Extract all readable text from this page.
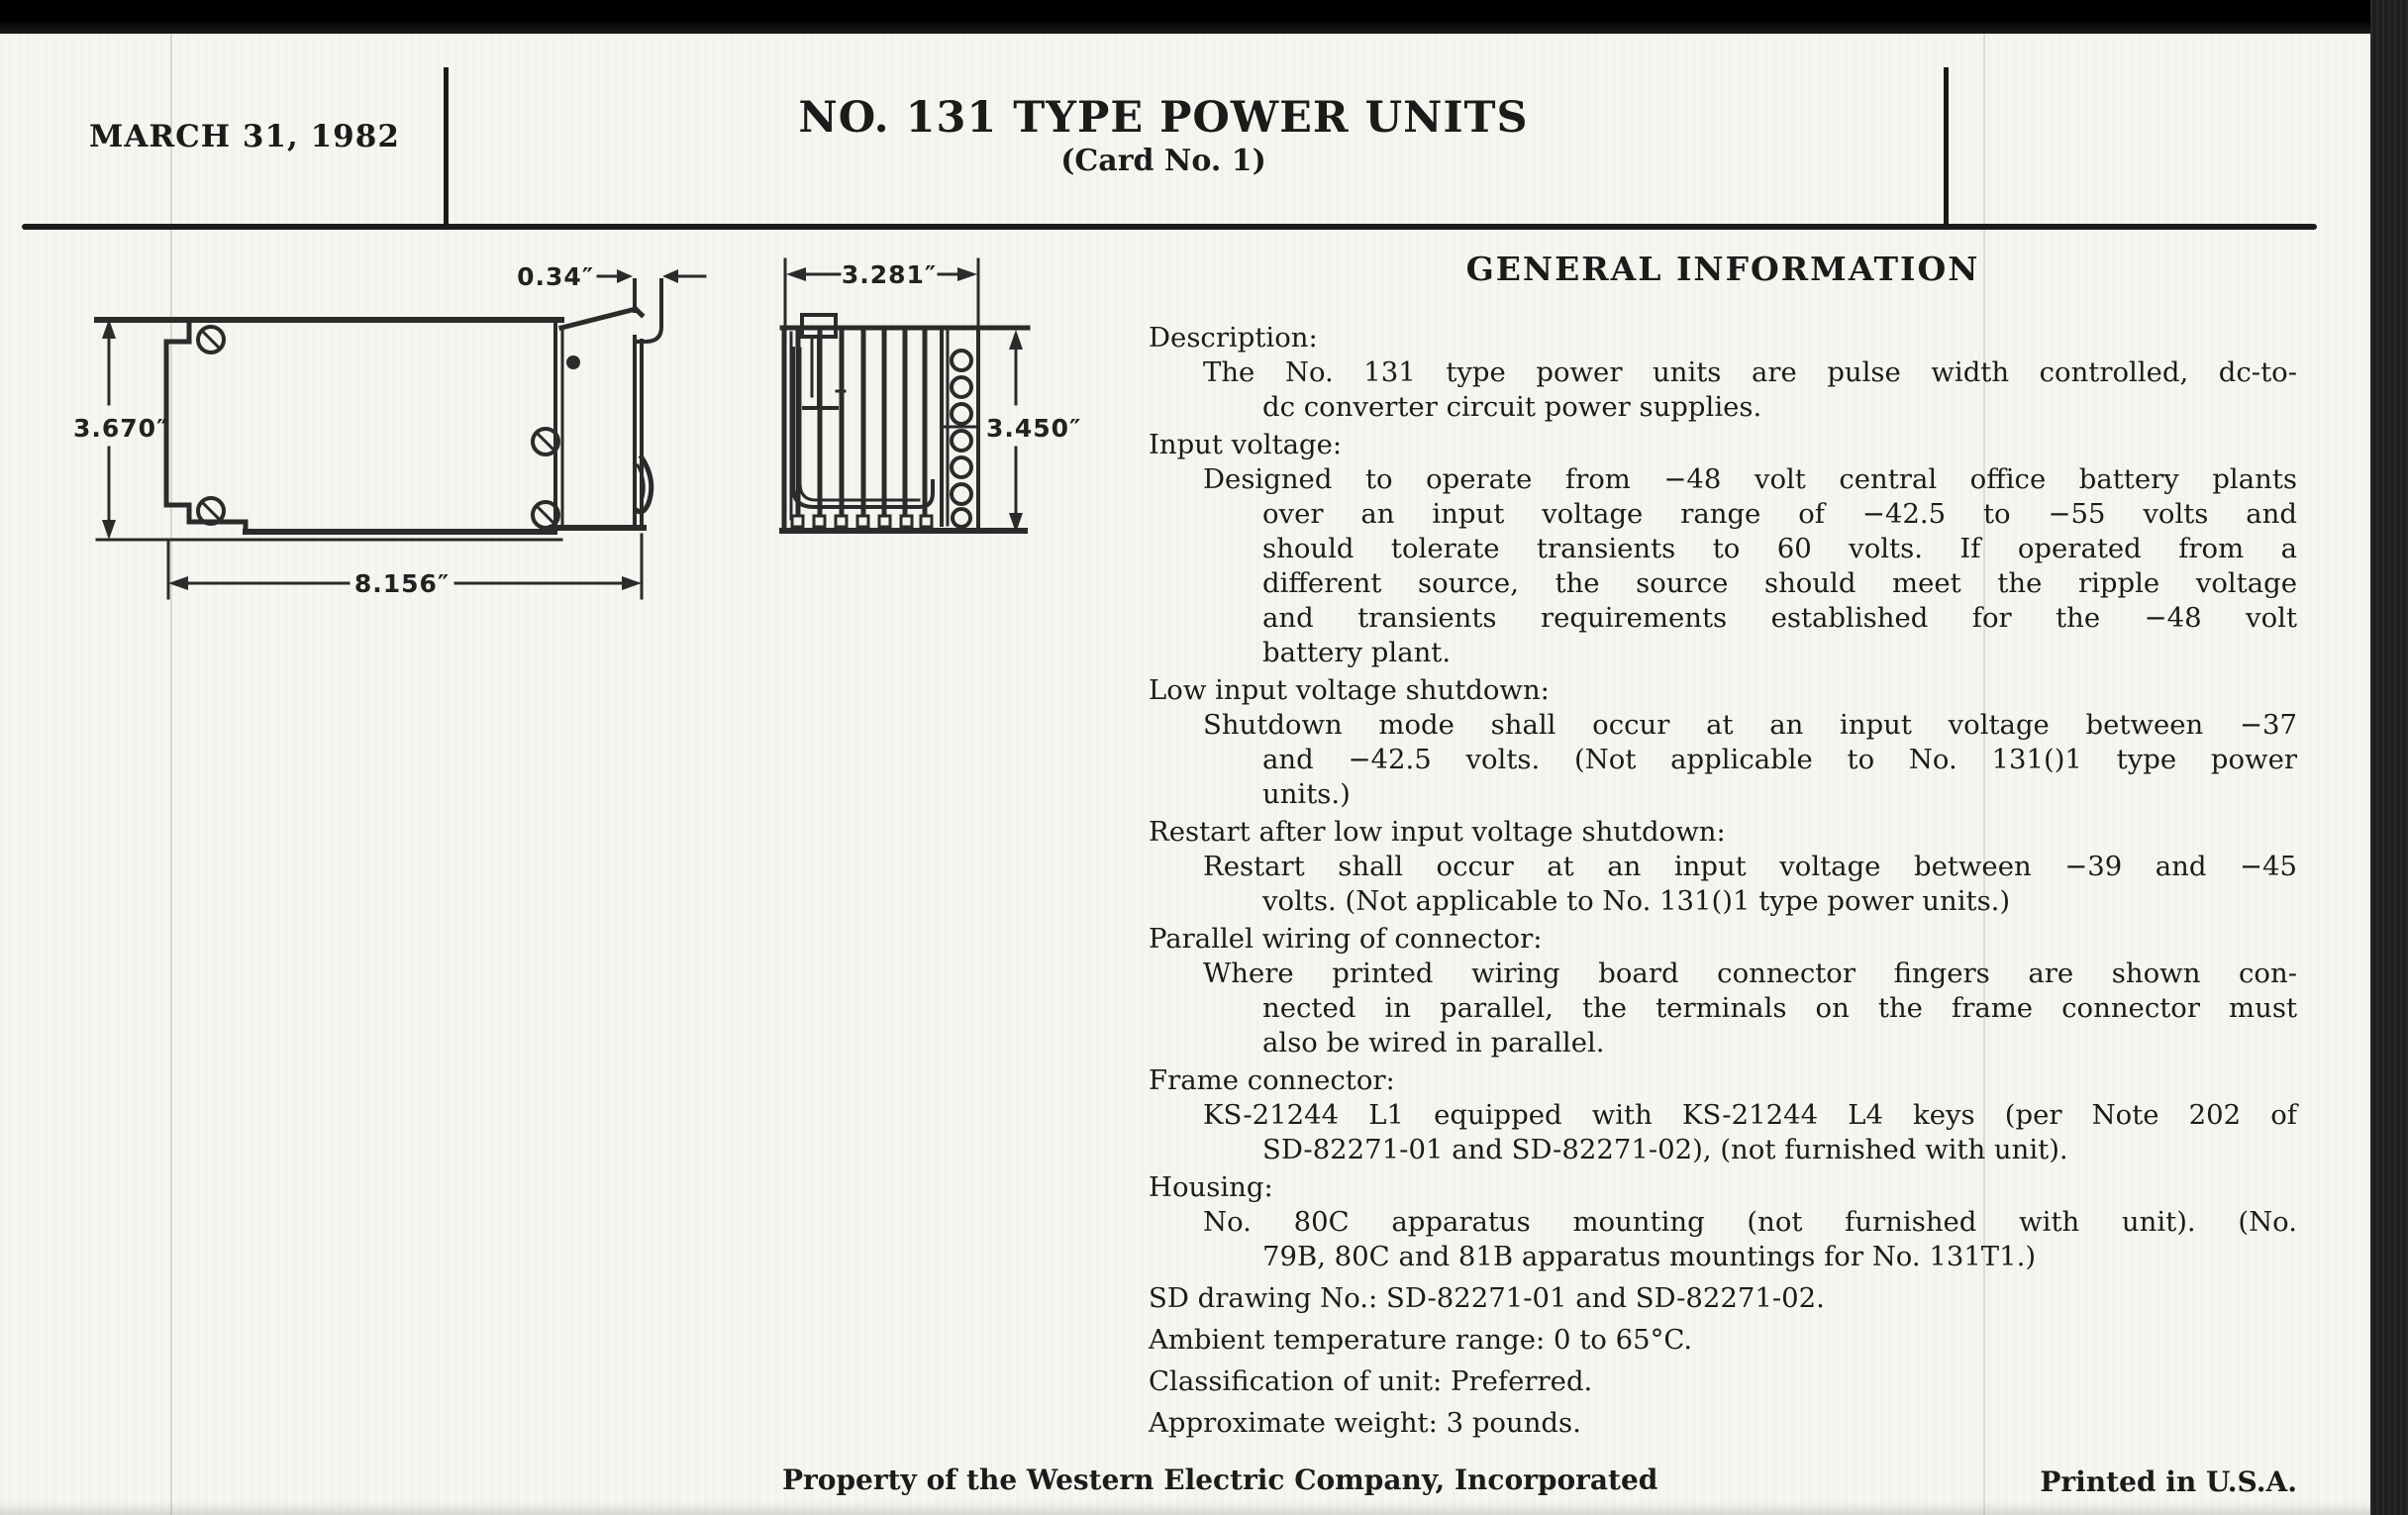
MARCH 31, 1982	NO. 131 TYPE POWER UNITS
(Card No. 1)
3.670″
8.156″
0.34″	3.281″
3.450″
GENERAL INFORMATION
Description:
The No. 131 type power units are pulse width controlled, dc-to-
dc converter circuit power supplies.
Input voltage:
Designed to operate from −48 volt central office battery plants
over an input voltage range of −42.5 to −55 volts and
should tolerate transients to 60 volts. If operated from a
different source, the source should meet the ripple voltage
and transients requirements established for the −48 volt
battery plant.
Low input voltage shutdown:
Shutdown mode shall occur at an input voltage between −37
and −42.5 volts. (Not applicable to No. 131()1 type power
units.)
Restart after low input voltage shutdown:
Restart shall occur at an input voltage between −39 and −45
volts. (Not applicable to No. 131()1 type power units.)
Parallel wiring of connector:
Where printed wiring board connector fingers are shown con-
nected in parallel, the terminals on the frame connector must
also be wired in parallel.
Frame connector:
KS-21244 L1 equipped with KS-21244 L4 keys (per Note 202 of
SD-82271-01 and SD-82271-02), (not furnished with unit).
Housing:
No. 80C apparatus mounting (not furnished with unit). (No.
79B, 80C and 81B apparatus mountings for No. 131T1.)
SD drawing No.: SD-82271-01 and SD-82271-02.
Ambient temperature range: 0 to 65°C.
Classification of unit: Preferred.
Approximate weight: 3 pounds.
Property of the Western Electric Company, Incorporated	Printed in U.S.A.
